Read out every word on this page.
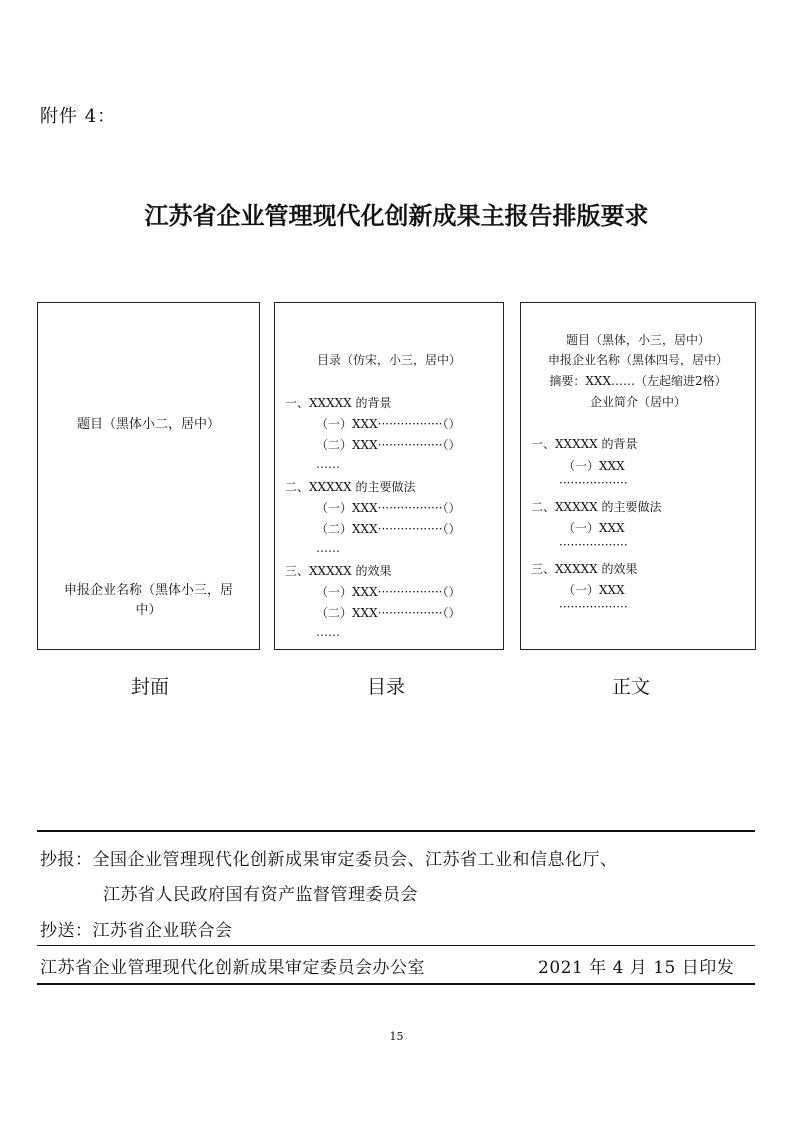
附件 4：
江苏省企业管理现代化创新成果主报告排版要求
题目（黑体小二，居中）
申报企业名称（黑体小三，居
中）
目录（仿宋，小三，居中）
一、XXXXX 的背景
（一）XXX·················（）
（二）XXX·················（）
……
二、XXXXX 的主要做法
（一）XXX·················（）
（二）XXX·················（）
……
三、XXXXX 的效果
（一）XXX·················（）
（二）XXX·················（）
……
题目（黑体，小三，居中）
申报企业名称（黑体四号，居中）
摘要：XXX……（左起缩进2格）
企业简介（居中）
一、XXXXX 的背景
（一）XXX
··················
二、XXXXX 的主要做法
（一）XXX
··················
三、XXXXX 的效果
（一）XXX
··················
封面	目录	正文
抄报：全国企业管理现代化创新成果审定委员会、江苏省工业和信息化厅、
江苏省人民政府国有资产监督管理委员会
抄送：江苏省企业联合会
江苏省企业管理现代化创新成果审定委员会办公室	2021 年 4 月 15 日印发
15
